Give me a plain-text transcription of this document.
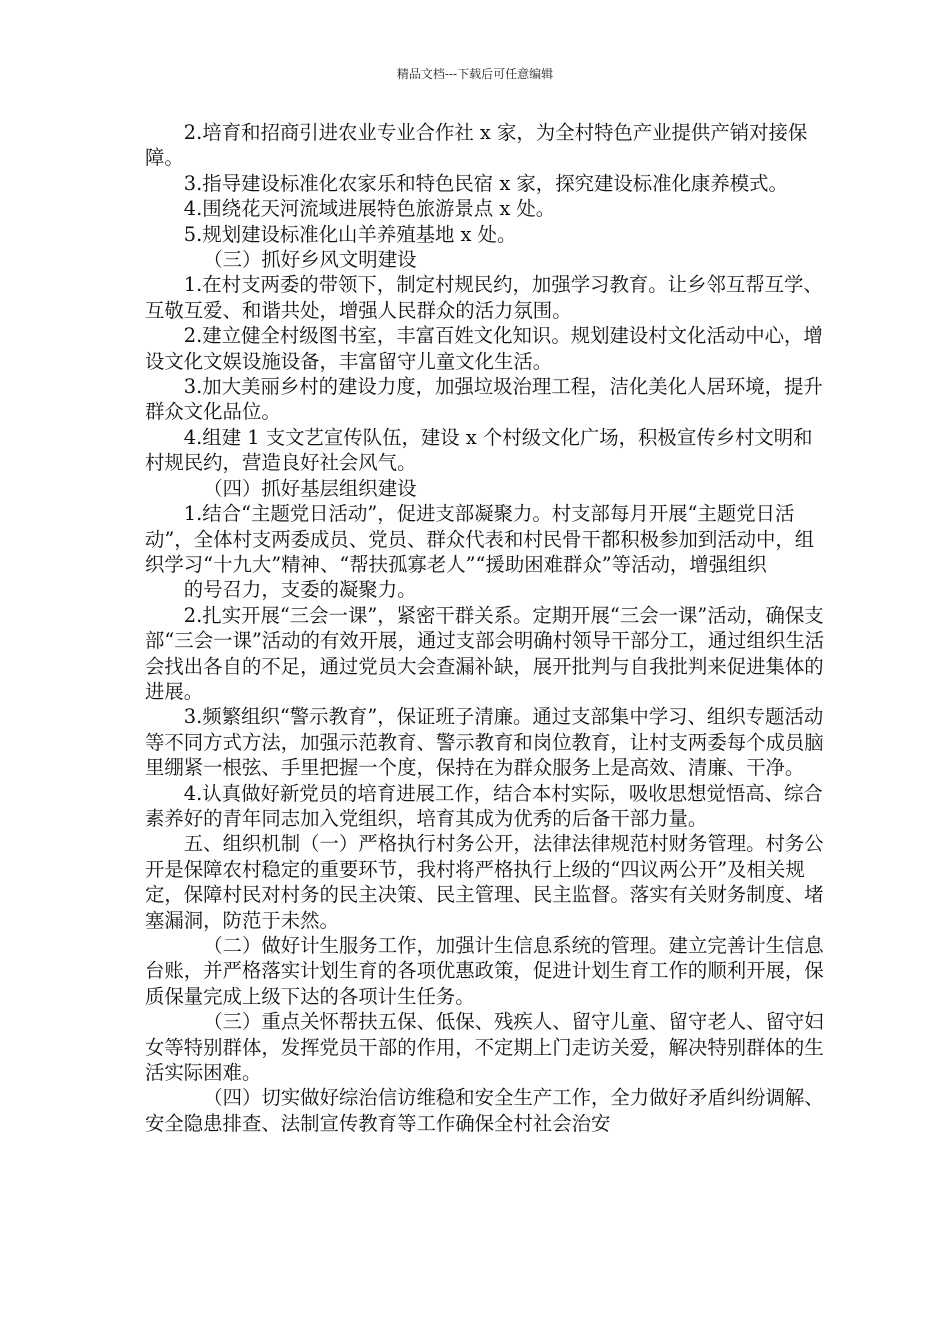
精品文档---下载后可任意编辑

2.培育和招商引进农业专业合作社 x 家，为全村特色产业提供产销对接保障。

3.指导建设标准化农家乐和特色民宿 x 家，探究建设标准化康养模式。

4.围绕花天河流域进展特色旅游景点 x 处。

5.规划建设标准化山羊养殖基地 x 处。

（三）抓好乡风文明建设

1.在村支两委的带领下，制定村规民约，加强学习教育。让乡邻互帮互学、互敬互爱、和谐共处，增强人民群众的活力氛围。

2.建立健全村级图书室，丰富百姓文化知识。规划建设村文化活动中心，增设文化文娱设施设备，丰富留守儿童文化生活。

3.加大美丽乡村的建设力度，加强垃圾治理工程，洁化美化人居环境，提升群众文化品位。

4.组建 1 支文艺宣传队伍，建设 x 个村级文化广场，积极宣传乡村文明和村规民约，营造良好社会风气。

（四）抓好基层组织建设

1.结合“主题党日活动”，促进支部凝聚力。村支部每月开展“主题党日活动”，全体村支两委成员、党员、群众代表和村民骨干都积极参加到活动中，组织学习“十九大”精神、“帮扶孤寡老人”“援助困难群众”等活动，增强组织

的号召力，支委的凝聚力。

2.扎实开展“三会一课”，紧密干群关系。定期开展“三会一课”活动，确保支部“三会一课”活动的有效开展，通过支部会明确村领导干部分工，通过组织生活会找出各自的不足，通过党员大会查漏补缺，展开批判与自我批判来促进集体的进展。

3.频繁组织“警示教育”，保证班子清廉。通过支部集中学习、组织专题活动等不同方式方法，加强示范教育、警示教育和岗位教育，让村支两委每个成员脑里绷紧一根弦、手里把握一个度，保持在为群众服务上是高效、清廉、干净。

4.认真做好新党员的培育进展工作，结合本村实际，吸收思想觉悟高、综合素养好的青年同志加入党组织，培育其成为优秀的后备干部力量。

五、组织机制（一）严格执行村务公开，法律法律规范村财务管理。村务公开是保障农村稳定的重要环节，我村将严格执行上级的“四议两公开”及相关规定，保障村民对村务的民主决策、民主管理、民主监督。落实有关财务制度、堵塞漏洞，防范于未然。

（二）做好计生服务工作，加强计生信息系统的管理。建立完善计生信息台账，并严格落实计划生育的各项优惠政策，促进计划生育工作的顺利开展，保质保量完成上级下达的各项计生任务。

（三）重点关怀帮扶五保、低保、残疾人、留守儿童、留守老人、留守妇女等特别群体，发挥党员干部的作用，不定期上门走访关爱，解决特别群体的生活实际困难。

（四）切实做好综治信访维稳和安全生产工作，全力做好矛盾纠纷调解、安全隐患排查、法制宣传教育等工作确保全村社会治安
